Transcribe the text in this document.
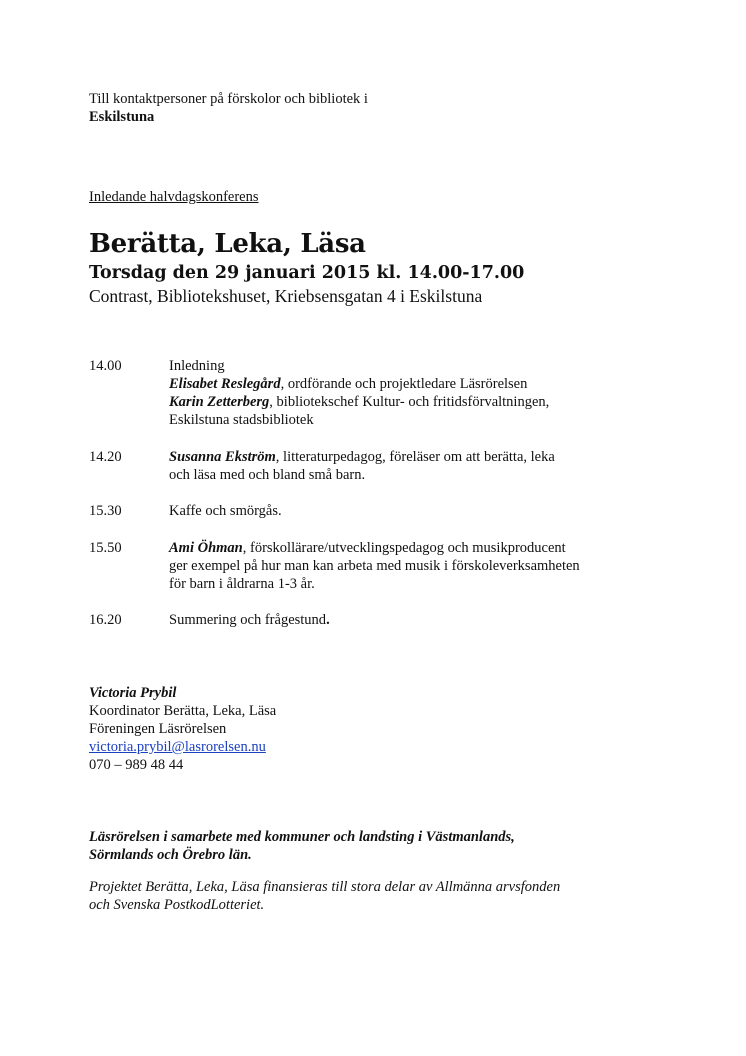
Till kontaktpersoner på förskolor och bibliotek i
Eskilstuna
Inledande halvdagskonferens
Berätta, Leka, Läsa
Torsdag den 29 januari 2015 kl. 14.00-17.00
Contrast, Bibliotekshuset, Kriebsensgatan 4 i Eskilstuna
14.00	Inledning
Elisabet Reslegård, ordförande och projektledare Läsrörelsen
Karin Zetterberg, bibliotekschef Kultur- och fritidsförvaltningen,
Eskilstuna stadsbibliotek
14.20	Susanna Ekström, litteraturpedagog, föreläser om att berätta, leka
och läsa med och bland små barn.
15.30	Kaffe och smörgås.
15.50	Ami Öhman, förskollärare/utvecklingspedagog och musikproducent
ger exempel på hur man kan arbeta med musik i förskoleverksamheten
för barn i åldrarna 1-3 år.
16.20	Summering och frågestund.
Victoria Prybil
Koordinator Berätta, Leka, Läsa
Föreningen Läsrörelsen
victoria.prybil@lasrorelsen.nu
070 – 989 48 44
Läsrörelsen i samarbete med kommuner och landsting i Västmanlands,
Sörmlands och Örebro län.
Projektet Berätta, Leka, Läsa finansieras till stora delar av Allmänna arvsfonden
och Svenska PostkodLotteriet.
